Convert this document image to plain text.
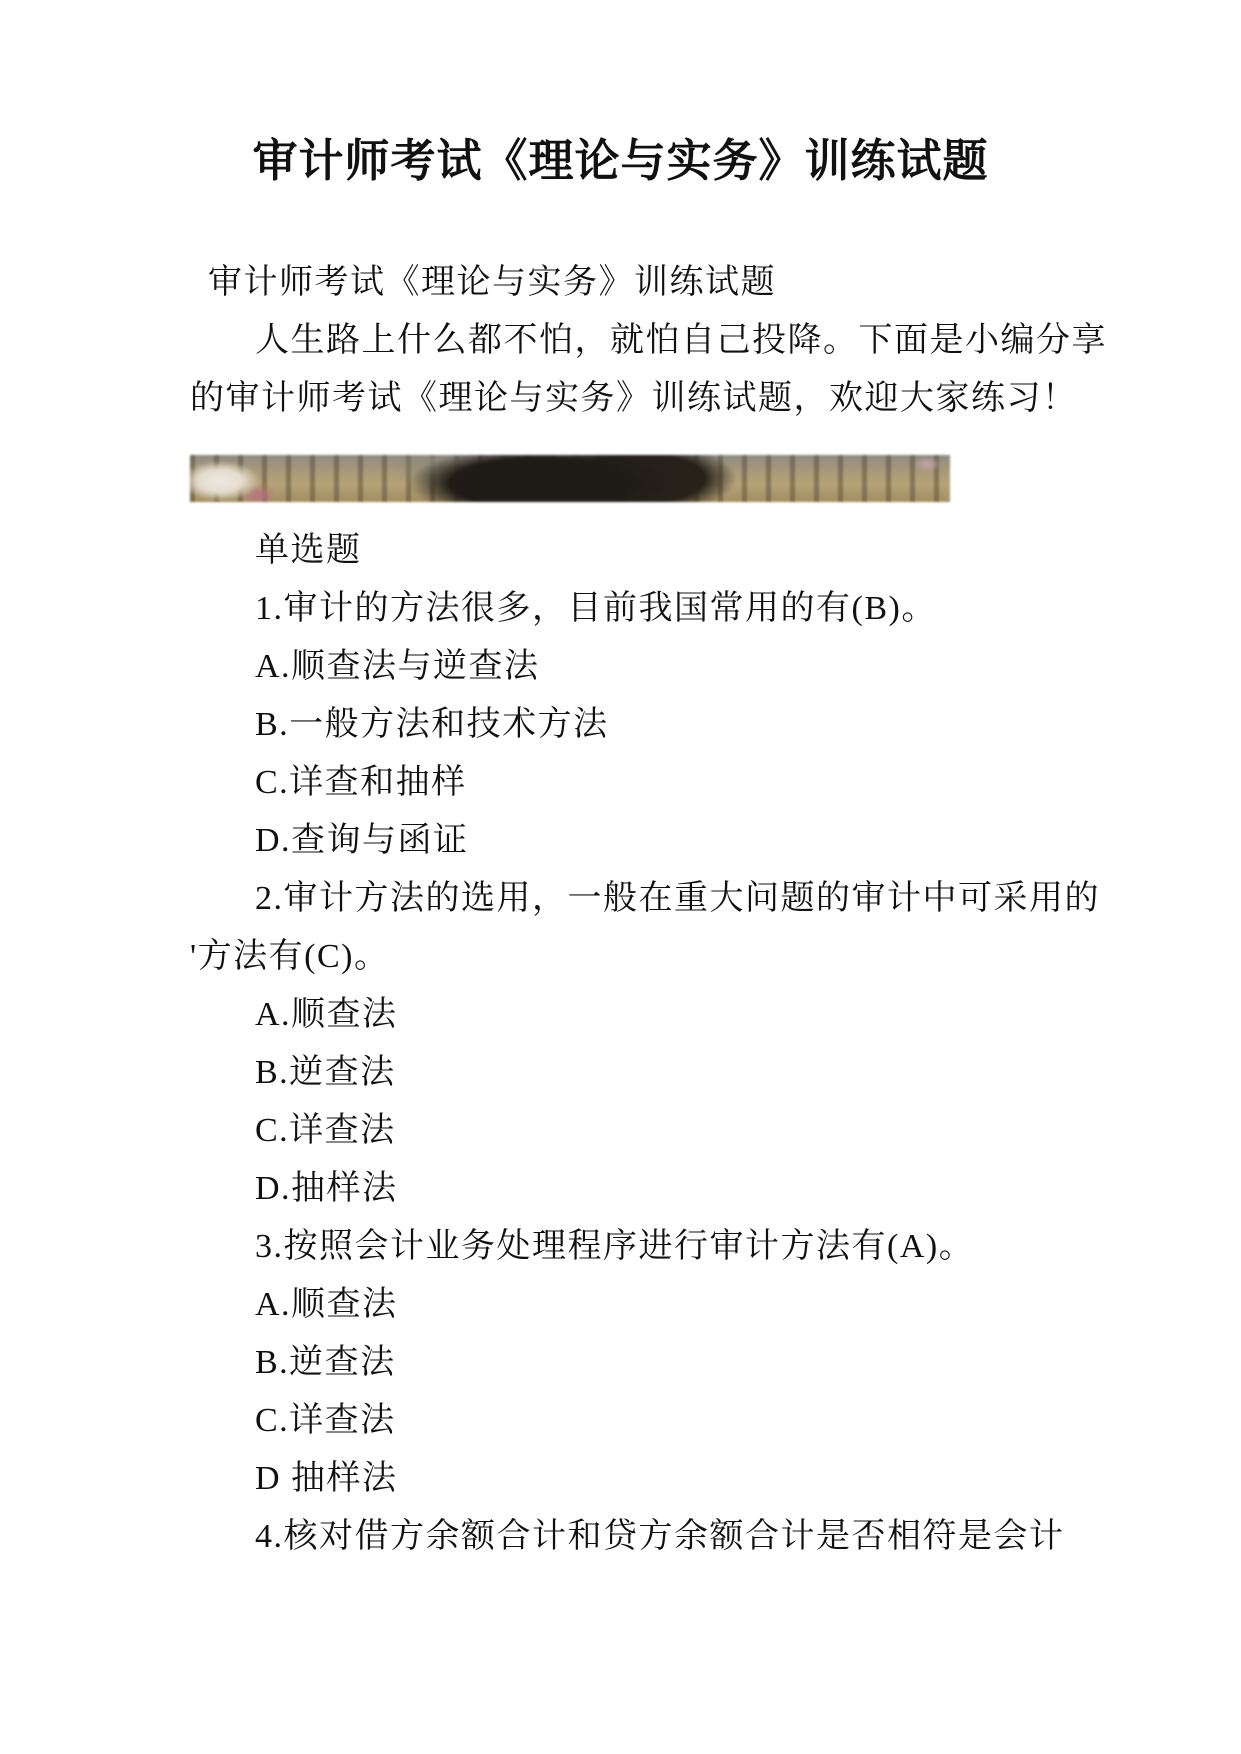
审计师考试《理论与实务》训练试题
审计师考试《理论与实务》训练试题
人生路上什么都不怕，就怕自己投降。下面是小编分享
的审计师考试《理论与实务》训练试题，欢迎大家练习！
单选题
1.审计的方法很多，目前我国常用的有(B)。
A.顺查法与逆查法
B.一般方法和技术方法
C.详查和抽样
D.查询与函证
2.审计方法的选用，一般在重大问题的审计中可采用的
'方法有(C)。
A.顺查法
B.逆查法
C.详查法
D.抽样法
3.按照会计业务处理程序进行审计方法有(A)。
A.顺查法
B.逆查法
C.详查法
D 抽样法
4.核对借方余额合计和贷方余额合计是否相符是会计
